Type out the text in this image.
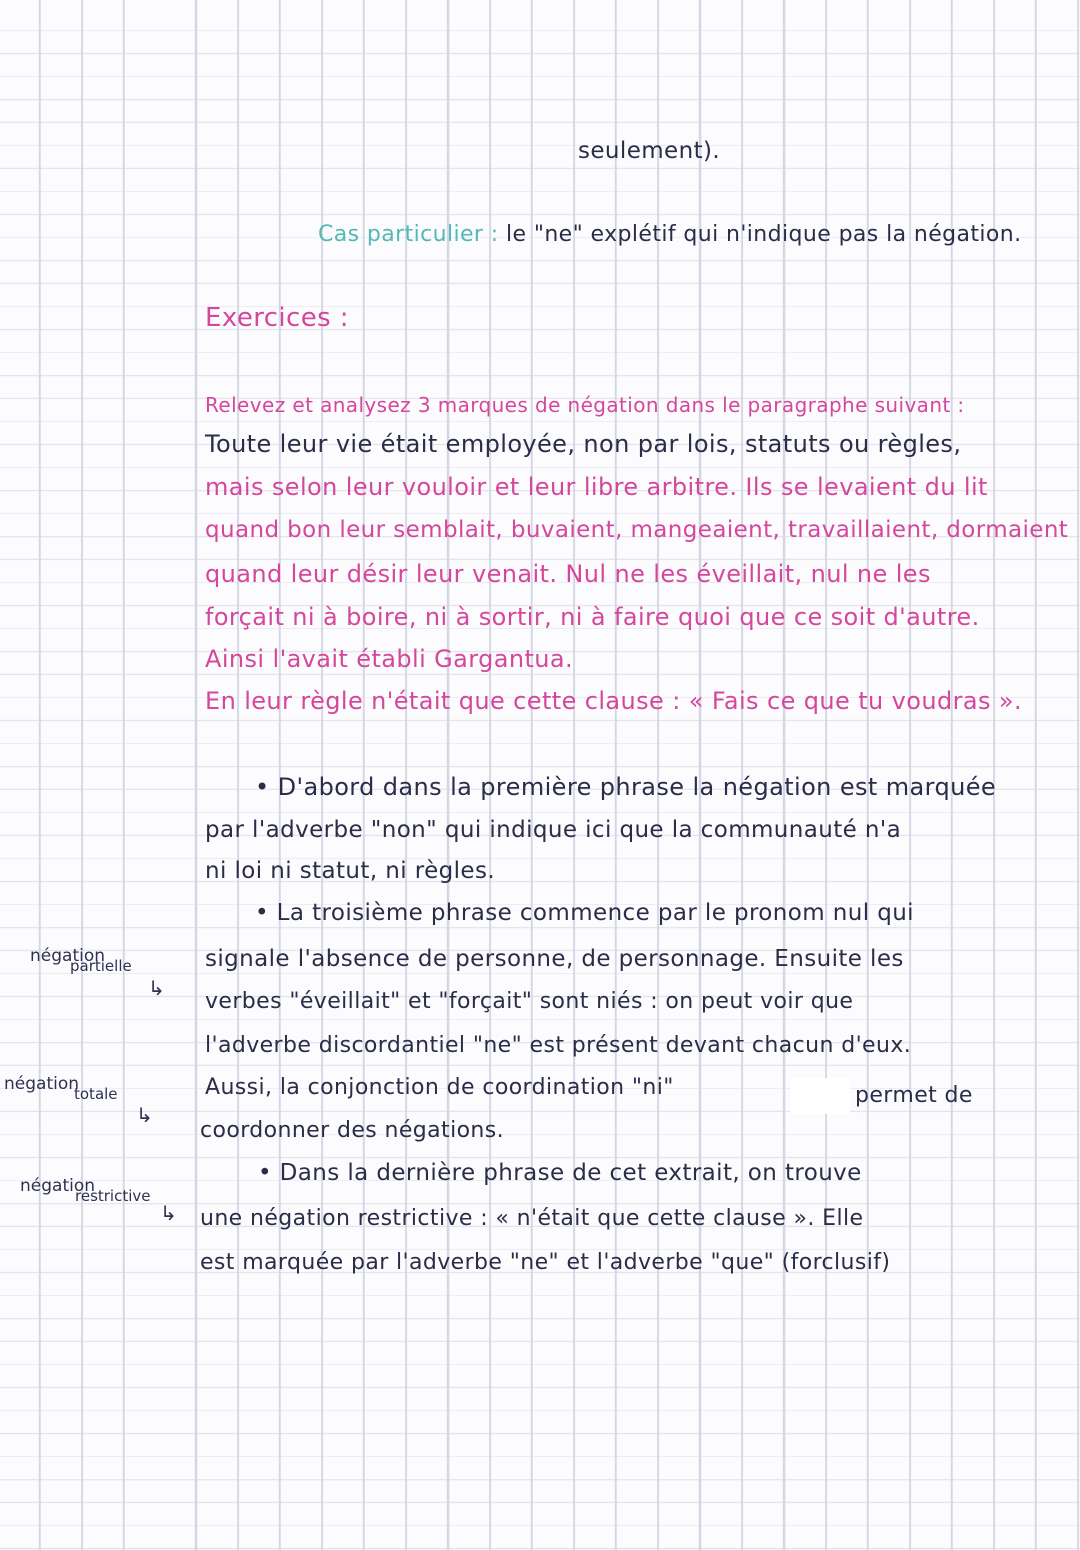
seulement).
Cas particulier : le "ne" explétif qui n'indique pas la négation.
Exercices :
Relevez et analysez 3 marques de négation dans le paragraphe suivant :
Toute leur vie était employée, non par lois, statuts ou règles,
mais selon leur vouloir et leur libre arbitre. Ils se levaient du lit
quand bon leur semblait, buvaient, mangeaient, travaillaient, dormaient
quand leur désir leur venait. Nul ne les éveillait, nul ne les
forçait ni à boire, ni à sortir, ni à faire quoi que ce soit d'autre.
Ainsi l'avait établi Gargantua.
En leur règle n'était que cette clause : « Fais ce que tu voudras ».
• D'abord dans la première phrase la négation est marquée
par l'adverbe "non" qui indique ici que la communauté n'a
ni loi ni statut, ni règles.
• La troisième phrase commence par le pronom nul qui
signale l'absence de personne, de personnage. Ensuite les
verbes "éveillait" et "forçait" sont niés : on peut voir que
l'adverbe discordantiel "ne" est présent devant chacun d'eux.
Aussi, la conjonction de coordination "ni"	permet de
coordonner des négations.
• Dans la dernière phrase de cet extrait, on trouve
une négation restrictive : « n'était que cette clause ». Elle
est marquée par l'adverbe "ne" et l'adverbe "que" (forclusif)
négation
partielle
↳
négation
totale
↳
négation
restrictive
↳
